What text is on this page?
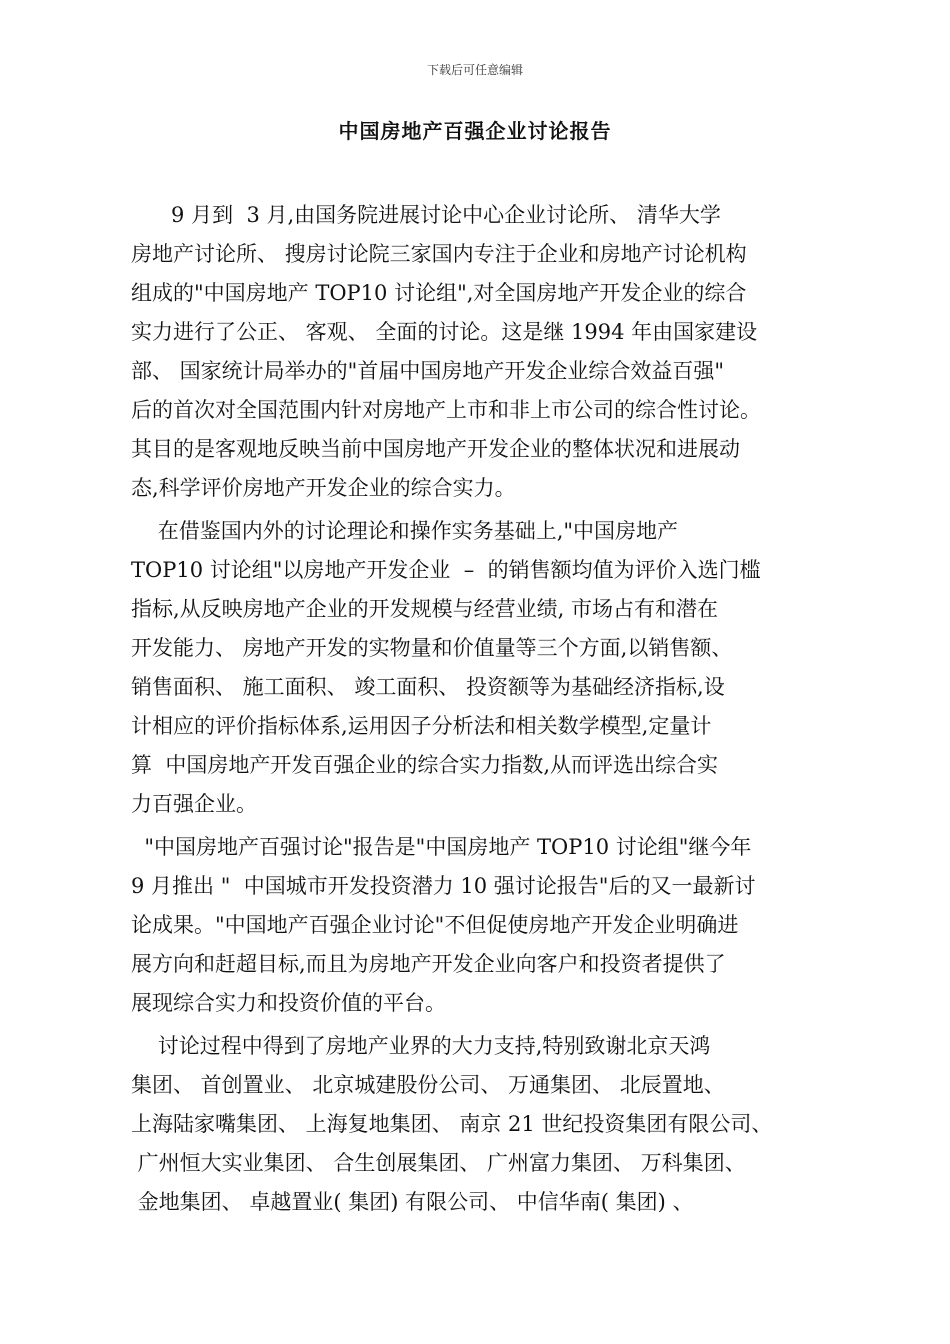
下载后可任意编辑
中国房地产百强企业讨论报告
9 月到  3 月,由国务院进展讨论中心企业讨论所、 清华大学
房地产讨论所、 搜房讨论院三家国内专注于企业和房地产讨论机构
组成的"中国房地产 TOP10 讨论组",对全国房地产开发企业的综合
实力进行了公正、 客观、 全面的讨论。这是继 1994 年由国家建设
部、 国家统计局举办的"首届中国房地产开发企业综合效益百强"
后的首次对全国范围内针对房地产上市和非上市公司的综合性讨论。
其目的是客观地反映当前中国房地产开发企业的整体状况和进展动
态,科学评价房地产开发企业的综合实力。
在借鉴国内外的讨论理论和操作实务基础上,"中国房地产
TOP10 讨论组"以房地产开发企业  –  的销售额均值为评价入选门槛
指标,从反映房地产企业的开发规模与经营业绩, 市场占有和潜在
开发能力、 房地产开发的实物量和价值量等三个方面,以销售额、
销售面积、 施工面积、 竣工面积、 投资额等为基础经济指标,设
计相应的评价指标体系,运用因子分析法和相关数学模型,定量计
算  中国房地产开发百强企业的综合实力指数,从而评选出综合实
力百强企业。
"中国房地产百强讨论"报告是"中国房地产 TOP10 讨论组"继今年
9 月推出 "  中国城市开发投资潜力 10 强讨论报告"后的又一最新讨
论成果。"中国地产百强企业讨论"不但促使房地产开发企业明确进
展方向和赶超目标,而且为房地产开发企业向客户和投资者提供了
展现综合实力和投资价值的平台。
讨论过程中得到了房地产业界的大力支持,特别致谢北京天鸿
集团、 首创置业、 北京城建股份公司、 万通集团、 北辰置地、
上海陆家嘴集团、 上海复地集团、 南京 21 世纪投资集团有限公司、
广州恒大实业集团、 合生创展集团、 广州富力集团、 万科集团、
金地集团、 卓越置业( 集团) 有限公司、 中信华南( 集团) 、
